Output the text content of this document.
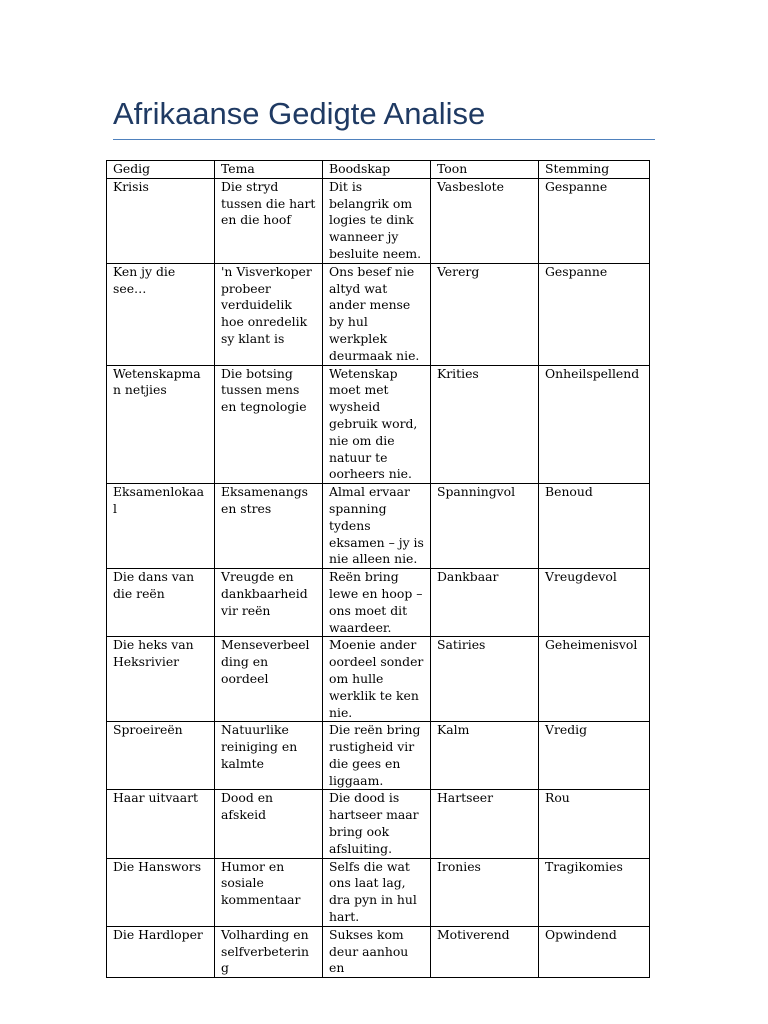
Afrikaanse Gedigte Analise
Gedig	Tema	Boodskap	Toon	Stemming
Krisis	Die stryd tussen die hart en die hoof	Dit is belangrik om logies te dink wanneer jy besluite neem.	Vasbeslote	Gespanne
Ken jy die see…	'n Visverkoper probeer verduidelik hoe onredelik sy klant is	Ons besef nie altyd wat ander mense by hul werkplek deurmaak nie.	Vererg	Gespanne
Wetenskapman netjies	Die botsing tussen mens en tegnologie	Wetenskap moet met wysheid gebruik word, nie om die natuur te oorheers nie.	Krities	Onheilspellend
Eksamenlokaal	Eksamenangs en stres	Almal ervaar spanning tydens eksamen – jy is nie alleen nie.	Spanningvol	Benoud
Die dans van die reën	Vreugde en dankbaarheid vir reën	Reën bring lewe en hoop – ons moet dit waardeer.	Dankbaar	Vreugdevol
Die heks van Heksrivier	Menseverbeelding en oordeel	Moenie ander oordeel sonder om hulle werklik te ken nie.	Satiries	Geheimenisvol
Sproeireën	Natuurlike reiniging en kalmte	Die reën bring rustigheid vir die gees en liggaam.	Kalm	Vredig
Haar uitvaart	Dood en afskeid	Die dood is hartseer maar bring ook afsluiting.	Hartseer	Rou
Die Hanswors	Humor en sosiale kommentaar	Selfs die wat ons laat lag, dra pyn in hul hart.	Ironies	Tragikomies
Die Hardloper	Volharding en selfverbetering	Sukses kom deur aanhou en	Motiverend	Opwindend
